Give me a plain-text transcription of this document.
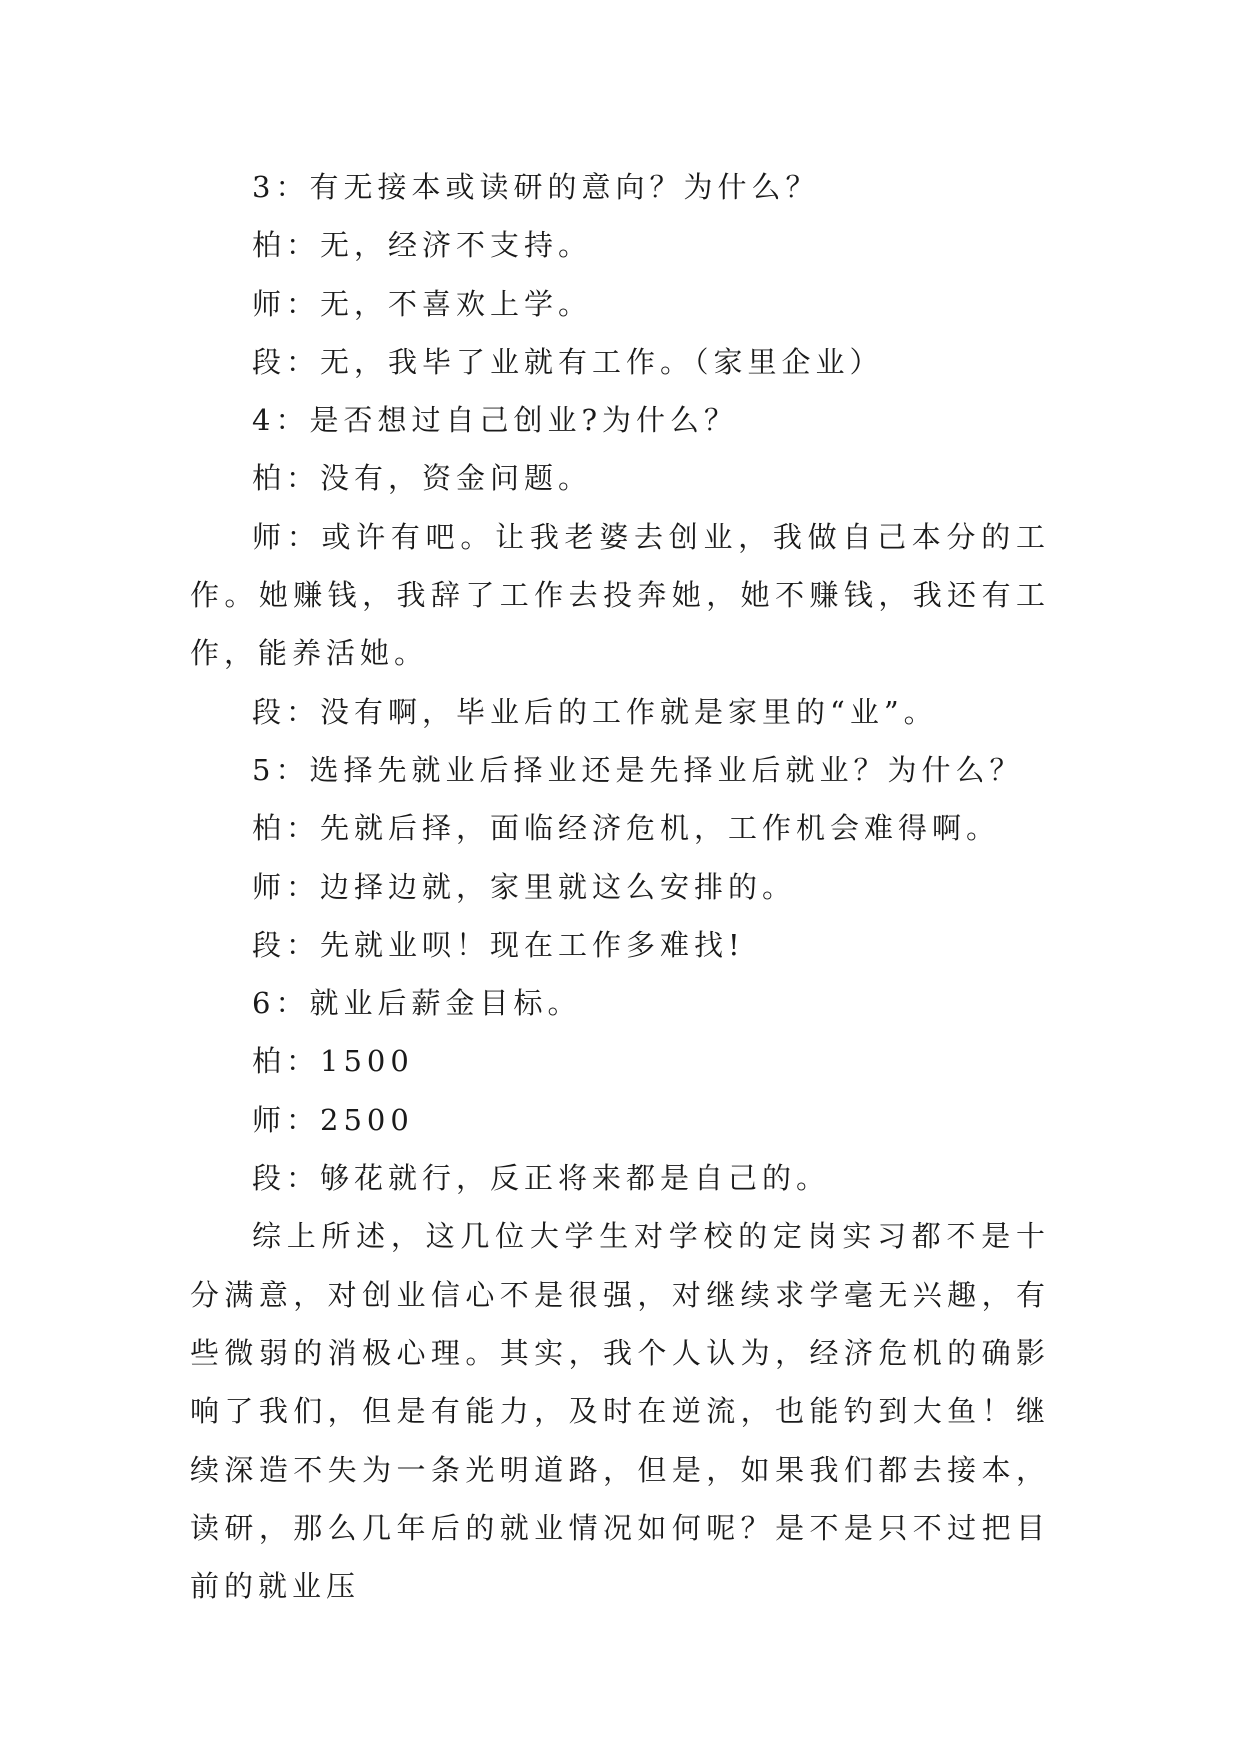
3：有无接本或读研的意向？为什么？

柏：无，经济不支持。

师：无，不喜欢上学。

段：无，我毕了业就有工作。（家里企业）

4：是否想过自己创业?为什么？

柏：没有，资金问题。

师：或许有吧。让我老婆去创业，我做自己本分的工作。她赚钱，我辞了工作去投奔她，她不赚钱，我还有工作，能养活她。

段：没有啊，毕业后的工作就是家里的“业”。

5：选择先就业后择业还是先择业后就业？为什么？

柏：先就后择，面临经济危机，工作机会难得啊。

师：边择边就，家里就这么安排的。

段：先就业呗！现在工作多难找!

6：就业后薪金目标。

柏：1500

师：2500

段：够花就行，反正将来都是自己的。

综上所述，这几位大学生对学校的定岗实习都不是十分满意，对创业信心不是很强，对继续求学毫无兴趣，有些微弱的消极心理。其实，我个人认为，经济危机的确影响了我们，但是有能力，及时在逆流，也能钓到大鱼！继续深造不失为一条光明道路，但是，如果我们都去接本，读研，那么几年后的就业情况如何呢？是不是只不过把目前的就业压
